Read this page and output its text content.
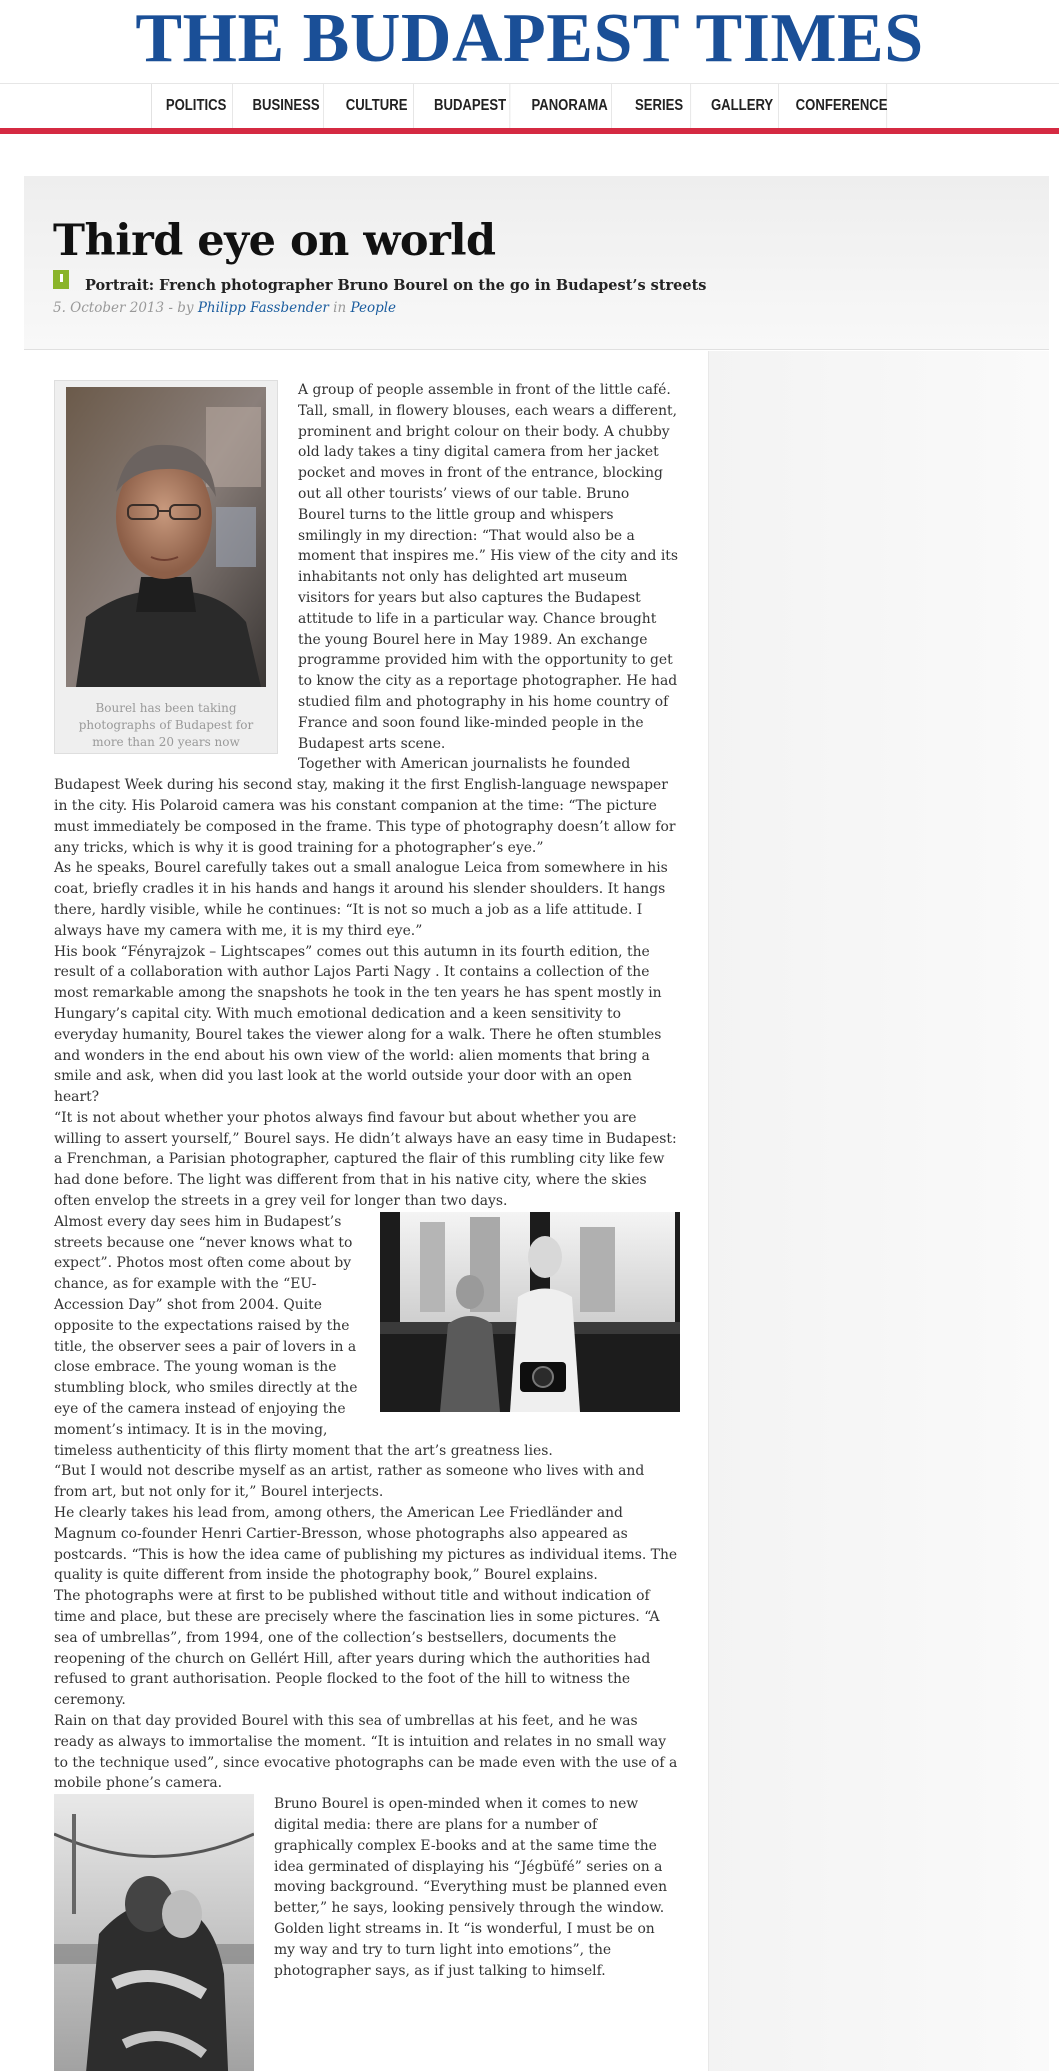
THE BUDAPEST TIMES
POLITICS BUSINESS CULTURE BUDAPEST PANORAMA SERIES GALLERY CONFERENCE
Third eye on world
Portrait: French photographer Bruno Bourel on the go in Budapest’s streets
5. October 2013 - by Philipp Fassbender in People
Bourel has been taking photographs of Budapest for more than 20 years now

A group of people assemble in front of the little café. Tall, small, in flowery blouses, each wears a different, prominent and bright colour on their body. A chubby old lady takes a tiny digital camera from her jacket pocket and moves in front of the entrance, blocking out all other tourists’ views of our table. Bruno Bourel turns to the little group and whispers smilingly in my direction: “That would also be a moment that inspires me.” His view of the city and its inhabitants not only has delighted art museum visitors for years but also captures the Budapest attitude to life in a particular way. Chance brought the young Bourel here in May 1989. An exchange programme provided him with the opportunity to get to know the city as a reportage photographer. He had studied film and photography in his home country of France and soon found like-minded people in the Budapest arts scene.

Together with American journalists he founded Budapest Week during his second stay, making it the first English-language newspaper in the city. His Polaroid camera was his constant companion at the time: “The picture must immediately be composed in the frame. This type of photography doesn’t allow for any tricks, which is why it is good training for a photographer’s eye.”

As he speaks, Bourel carefully takes out a small analogue Leica from somewhere in his coat, briefly cradles it in his hands and hangs it around his slender shoulders. It hangs there, hardly visible, while he continues: “It is not so much a job as a life attitude. I always have my camera with me, it is my third eye.”

His book “Fényrajzok – Lightscapes” comes out this autumn in its fourth edition, the result of a collaboration with author Lajos Parti Nagy . It contains a collection of the most remarkable among the snapshots he took in the ten years he has spent mostly in Hungary’s capital city. With much emotional dedication and a keen sensitivity to everyday humanity, Bourel takes the viewer along for a walk. There he often stumbles and wonders in the end about his own view of the world: alien moments that bring a smile and ask, when did you last look at the world outside your door with an open heart?

“It is not about whether your photos always find favour but about whether you are willing to assert yourself,” Bourel says. He didn’t always have an easy time in Budapest: a Frenchman, a Parisian photographer, captured the flair of this rumbling city like few had done before. The light was different from that in his native city, where the skies often envelop the streets in a grey veil for longer than two days.

Almost every day sees him in Budapest’s streets because one “never knows what to expect”. Photos most often come about by chance, as for example with the “EU-Accession Day” shot from 2004. Quite opposite to the expectations raised by the title, the observer sees a pair of lovers in a close embrace. The young woman is the stumbling block, who smiles directly at the eye of the camera instead of enjoying the moment’s intimacy. It is in the moving, timeless authenticity of this flirty moment that the art’s greatness lies.

“But I would not describe myself as an artist, rather as someone who lives with and from art, but not only for it,” Bourel interjects.

He clearly takes his lead from, among others, the American Lee Friedländer and Magnum co-founder Henri Cartier-Bresson, whose photographs also appeared as postcards. “This is how the idea came of publishing my pictures as individual items. The quality is quite different from inside the photography book,” Bourel explains.

The photographs were at first to be published without title and without indication of time and place, but these are precisely where the fascination lies in some pictures. “A sea of umbrellas”, from 1994, one of the collection’s bestsellers, documents the reopening of the church on Gellért Hill, after years during which the authorities had refused to grant authorisation. People flocked to the foot of the hill to witness the ceremony.

Rain on that day provided Bourel with this sea of umbrellas at his feet, and he was ready as always to immortalise the moment. “It is intuition and relates in no small way to the technique used”, since evocative photographs can be made even with the use of a mobile phone’s camera.

Bruno Bourel is open-minded when it comes to new digital media: there are plans for a number of graphically complex E-books and at the same time the idea germinated of displaying his “Jégbüfé” series on a moving background. “Everything must be planned even better,” he says, looking pensively through the window. Golden light streams in. It “is wonderful, I must be on my way and try to turn light into emotions”, the photographer says, as if just talking to himself.
